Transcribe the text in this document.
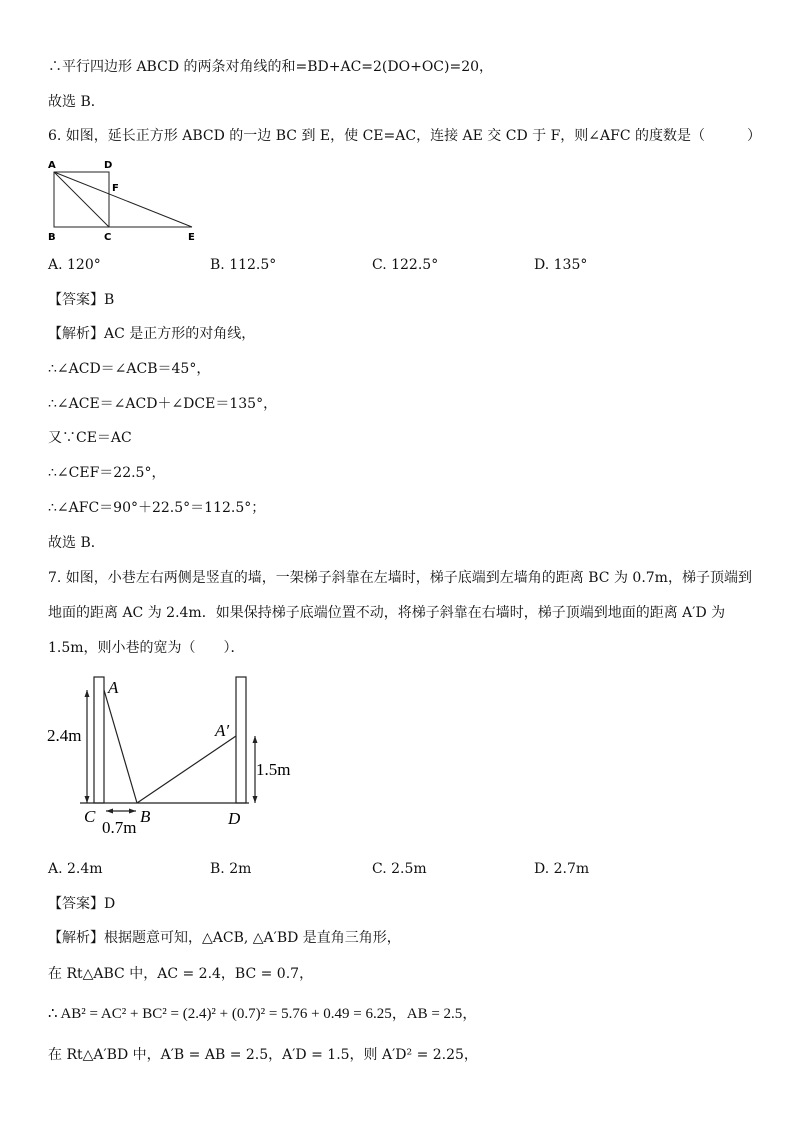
∴平行四边形 ABCD 的两条对角线的和=BD+AC=2(DO+OC)=20，
故选 B．
6. 如图，延长正方形 ABCD 的一边 BC 到 E，使 CE=AC，连接 AE 交 CD 于 F，则∠AFC 的度数是（　　　）
A	D
F
B	C	E
A. 120°	B. 112.5°	C. 122.5°	D. 135°
【答案】B
【解析】AC 是正方形的对角线，
∴∠ACD＝∠ACB＝45°，
∴∠ACE＝∠ACD＋∠DCE＝135°，
又∵CE＝AC
∴∠CEF＝22.5°，
∴∠AFC＝90°＋22.5°＝112.5°；
故选 B．
7. 如图，小巷左右两侧是竖直的墙，一架梯子斜靠在左墙时，梯子底端到左墙角的距离 BC 为 0.7m，梯子顶端到
地面的距离 AC 为 2.4m．如果保持梯子底端位置不动，将梯子斜靠在右墙时，梯子顶端到地面的距离 A′D 为
1.5m，则小巷的宽为（　　）．
A
A′
C	B	D
2.4m
1.5m
0.7m
A. 2.4m	B. 2m	C. 2.5m	D. 2.7m
【答案】D
【解析】根据题意可知，△ACB, △A′BD 是直角三角形，
在 Rt△ABC 中，AC = 2.4，BC = 0.7，
∴ AB² = AC² + BC² = (2.4)² + (0.7)² = 5.76 + 0.49 = 6.25，AB = 2.5，
在 Rt△A′BD 中，A′B = AB = 2.5，A′D = 1.5，则 A′D² = 2.25，
